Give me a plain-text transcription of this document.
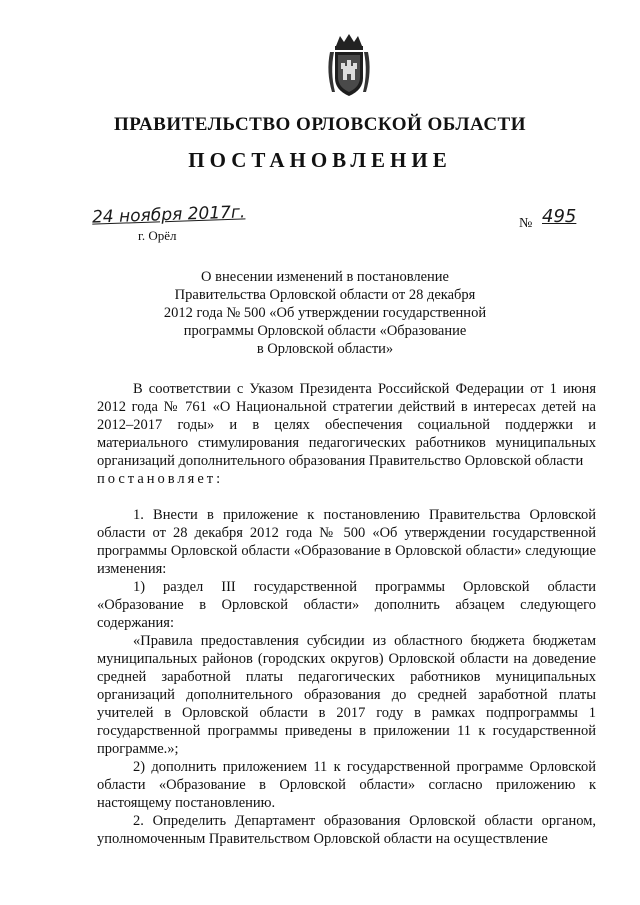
ПРАВИТЕЛЬСТВО ОРЛОВСКОЙ ОБЛАСТИ
ПОСТАНОВЛЕНИЕ
24 ноября 2017г.
г. Орёл
№ 495
О внесении изменений в постановление
Правительства Орловской области от 28 декабря
2012 года № 500 «Об утверждении государственной
программы Орловской области «Образование
в Орловской области»

В соответствии с Указом Президента Российской Федерации от 1 июня 2012 года № 761 «О Национальной стратегии действий в интересах детей на 2012–2017 годы» и в целях обеспечения социальной поддержки и материального стимулирования педагогических работников муниципальных организаций дополнительного образования Правительство Орловской области
постановляет:

1. Внести в приложение к постановлению Правительства Орловской области от 28 декабря 2012 года № 500 «Об утверждении государственной программы Орловской области «Образование в Орловской области» следующие изменения:

1) раздел III государственной программы Орловской области «Образование в Орловской области» дополнить абзацем следующего содержания:

«Правила предоставления субсидии из областного бюджета бюджетам муниципальных районов (городских округов) Орловской области на доведение средней заработной платы педагогических работников муниципальных организаций дополнительного образования до средней заработной платы учителей в Орловской области в 2017 году в рамках подпрограммы 1 государственной программы приведены в приложении 11 к государственной программе.»;

2) дополнить приложением 11 к государственной программе Орловской области «Образование в Орловской области» согласно приложению к настоящему постановлению.

2. Определить Департамент образования Орловской области органом, уполномоченным Правительством Орловской области на осуществление
